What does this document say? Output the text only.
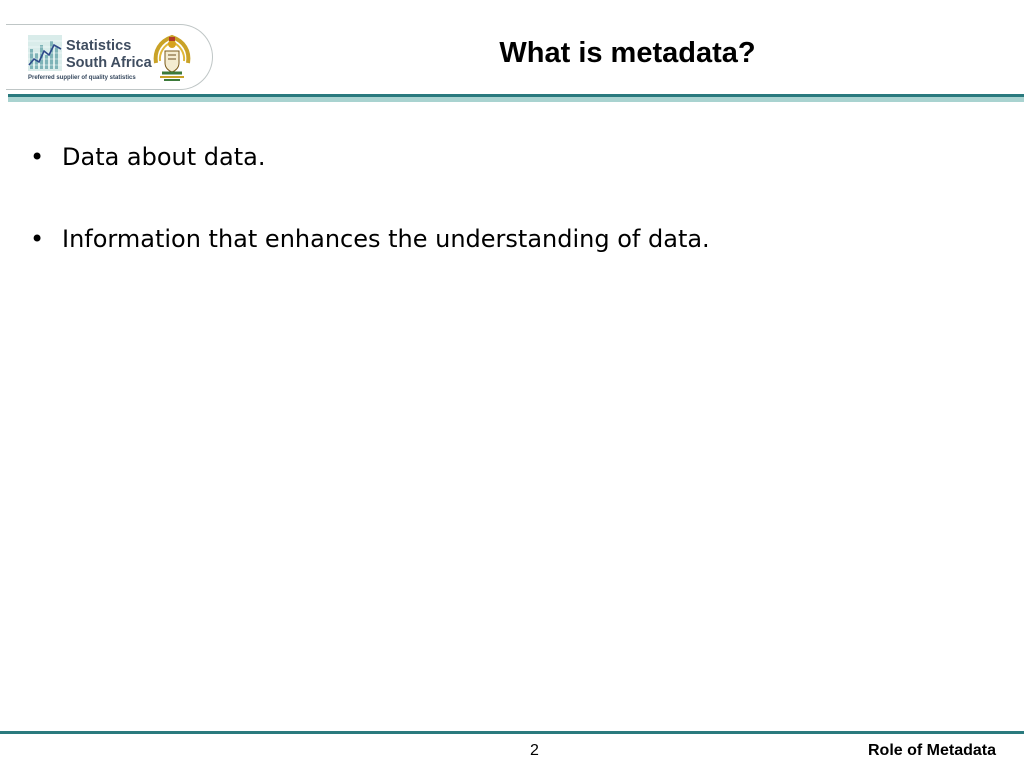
Statistics
South Africa
Preferred supplier of quality statistics
What is metadata?
• Data about data.
• Information that enhances the understanding of data.
2	Role of Metadata
